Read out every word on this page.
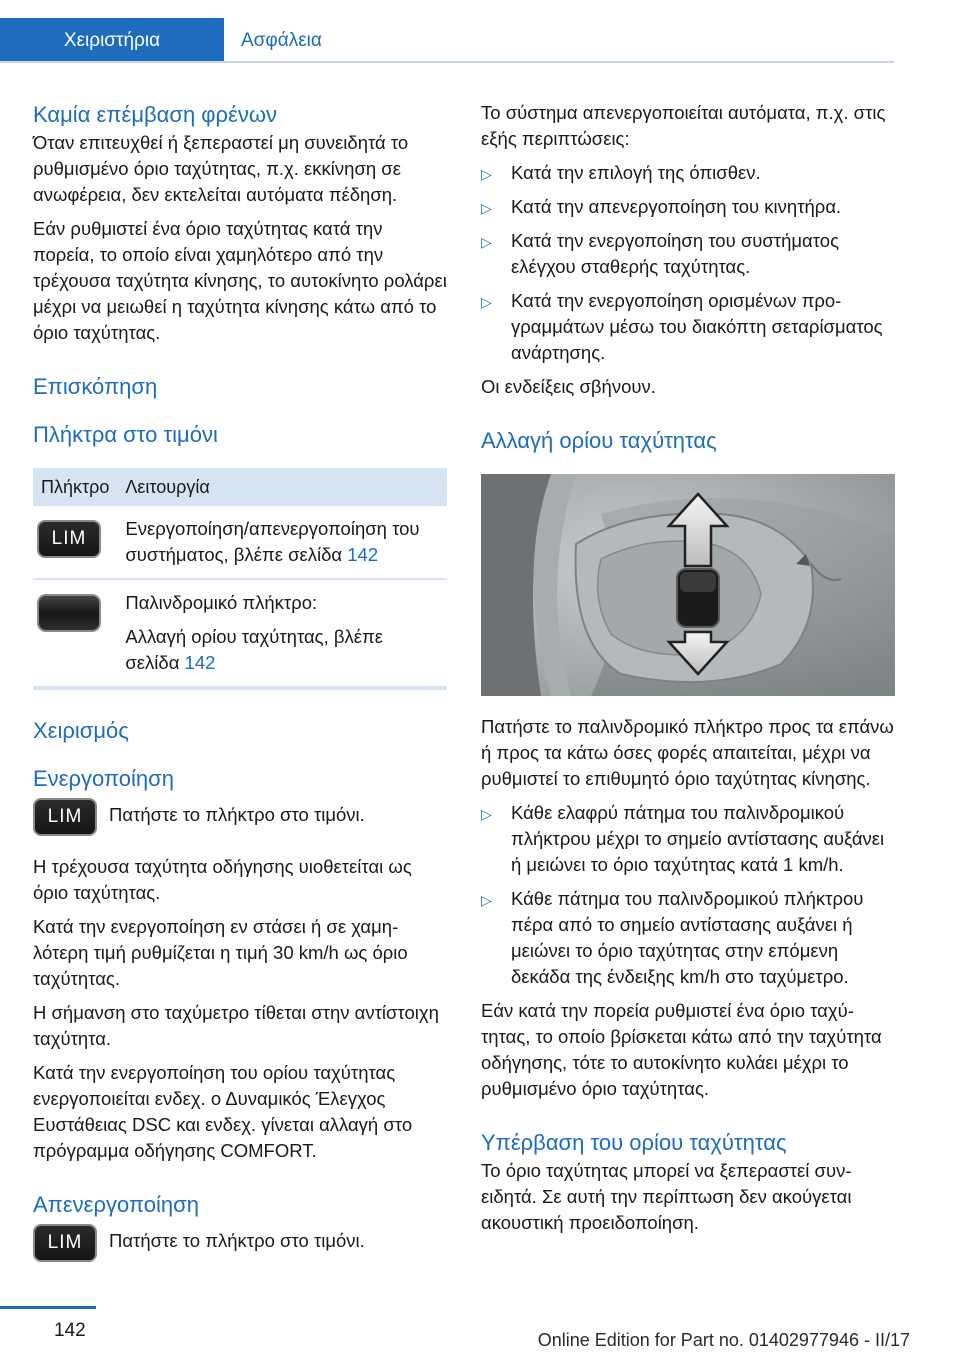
Χειριστήρια	Ασφάλεια
Καμία επέμβαση φρένων

Όταν επιτευχθεί ή ξεπεραστεί μη συνειδητά το ρυθμισμένο όριο ταχύτητας, π.χ. εκκίνηση σε ανωφέρεια, δεν εκτελείται αυτόματα πέδηση.

Εάν ρυθμιστεί ένα όριο ταχύτητας κατά την πορεία, το οποίο είναι χαμηλότερο από την τρέχουσα ταχύτητα κίνησης, το αυτοκίνητο ρολάρει μέχρι να μειωθεί η ταχύτητα κίνησης κάτω από το όριο ταχύτητας.

Επισκόπηση
Πλήκτρα στο τιμόνι
Πλήκτρο	Λειτουργία

LIM	Ενεργοποίηση/απενεργοποίηση του συστήματος, βλέπε σελίδα 142

	Παλινδρομικό πλήκτρο:
Αλλαγή ορίου ταχύτητας, βλέπε σελίδα 142
Χειρισμός
Ενεργοποίηση
LIM	Πατήστε το πλήκτρο στο τιμόνι.

Η τρέχουσα ταχύτητα οδήγησης υιοθετείται ως όριο ταχύτητας.

Κατά την ενεργοποίηση εν στάσει ή σε χαμηλότερη τιμή ρυθμίζεται η τιμή 30 km/h ως όριο ταχύτητας.

Η σήμανση στο ταχύμετρο τίθεται στην αντίστοιχη ταχύτητα.

Κατά την ενεργοποίηση του ορίου ταχύτητας ενεργοποιείται ενδεχ. ο Δυναμικός Έλεγχος Ευστάθειας DSC και ενδεχ. γίνεται αλλαγή στο πρόγραμμα οδήγησης COMFORT.

Απενεργοποίηση
LIM	Πατήστε το πλήκτρο στο τιμόνι.

Το σύστημα απενεργοποιείται αυτόματα, π.χ. στις εξής περιπτώσεις:

▷ Κατά την επιλογή της όπισθεν.
▷ Κατά την απενεργοποίηση του κινητήρα.
▷ Κατά την ενεργοποίηση του συστήματος ελέγχου σταθερής ταχύτητας.
▷ Κατά την ενεργοποίηση ορισμένων προγραμμάτων μέσω του διακόπτη σεταρίσματος ανάρτησης.

Οι ενδείξεις σβήνουν.

Αλλαγή ορίου ταχύτητας

Πατήστε το παλινδρομικό πλήκτρο προς τα επάνω ή προς τα κάτω όσες φορές απαιτείται, μέχρι να ρυθμιστεί το επιθυμητό όριο ταχύτητας κίνησης.

▷ Κάθε ελαφρύ πάτημα του παλινδρομικού πλήκτρου μέχρι το σημείο αντίστασης αυξάνει ή μειώνει το όριο ταχύτητας κατά 1 km/h.
▷ Κάθε πάτημα του παλινδρομικού πλήκτρου πέρα από το σημείο αντίστασης αυξάνει ή μειώνει το όριο ταχύτητας στην επόμενη δεκάδα της ένδειξης km/h στο ταχύμετρο.

Εάν κατά την πορεία ρυθμιστεί ένα όριο ταχύτητας, το οποίο βρίσκεται κάτω από την ταχύτητα οδήγησης, τότε το αυτοκίνητο κυλάει μέχρι το ρυθμισμένο όριο ταχύτητας.

Υπέρβαση του ορίου ταχύτητας

Το όριο ταχύτητας μπορεί να ξεπεραστεί συνειδητά. Σε αυτή την περίπτωση δεν ακούγεται ακουστική προειδοποίηση.

142	Online Edition for Part no. 01402977946 - II/17
